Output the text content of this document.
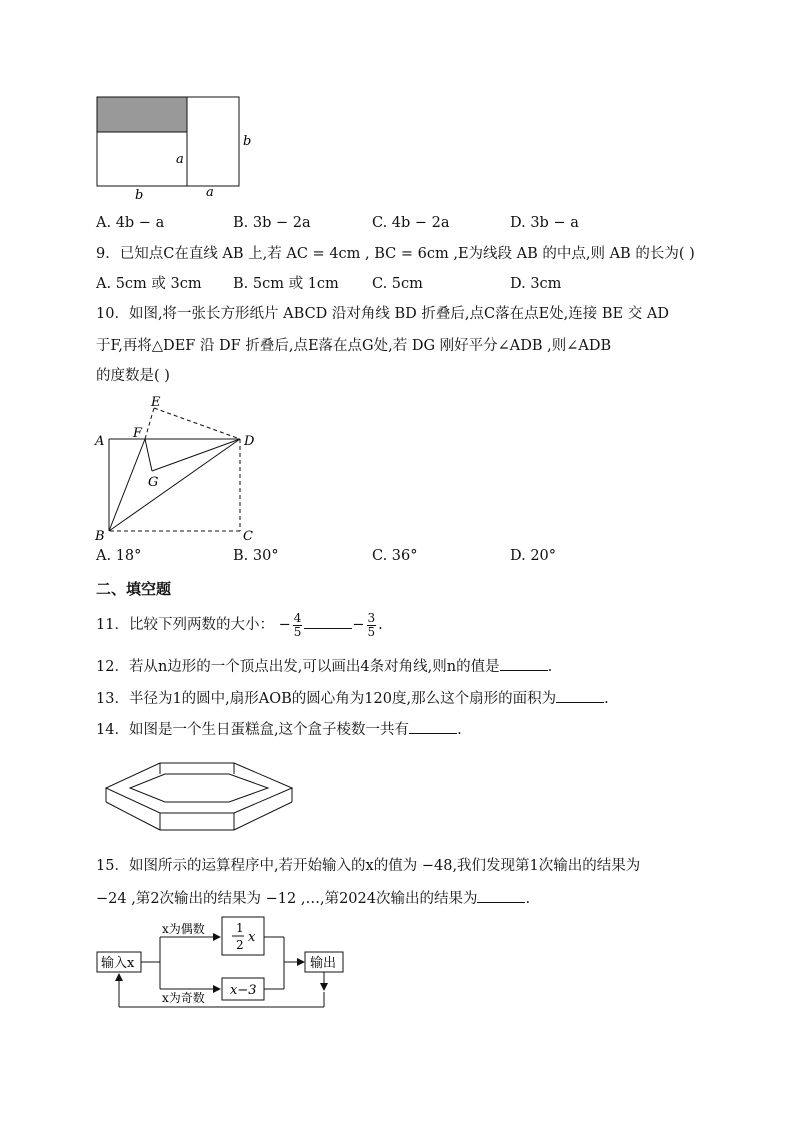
b
a
b	a
A. 4b − a	B. 3b − 2a	C. 4b − 2a	D. 3b − a
9．已知点C在直线 AB 上,若 AC = 4cm , BC = 6cm ,E为线段 AB 的中点,则 AB 的长为( )
A. 5cm 或 3cm B. 5cm 或 1cm C. 5cm	D. 3cm
10．如图,将一张长方形纸片 ABCD 沿对角线 BD 折叠后,点C落在点E处,连接 BE 交 AD
于F,再将△DEF 沿 DF 折叠后,点E落在点G处,若 DG 刚好平分∠ADB ,则∠ADB
的度数是( )
A
B	C
D
E
F
G
A. 18°	B. 30°	C. 36°	D. 20°
二、填空题
11．比较下列两数的大小： − $\frac{4}{5}$	− $\frac{3}{5}$ .
12．若从n边形的一个顶点出发,可以画出4条对角线,则n的值是	.
13．半径为1的圆中,扇形AOB的圆心角为120度,那么这个扇形的面积为	.
14．如图是一个生日蛋糕盒,这个盒子棱数一共有	.
15．如图所示的运算程序中,若开始输入的x的值为 −48,我们发现第1次输出的结果为
−24 ,第2次输出的结果为 −12 ,…,第2024次输出的结果为	.
输入x
x为偶数
x为奇数
1
2 x
x−3
输出
